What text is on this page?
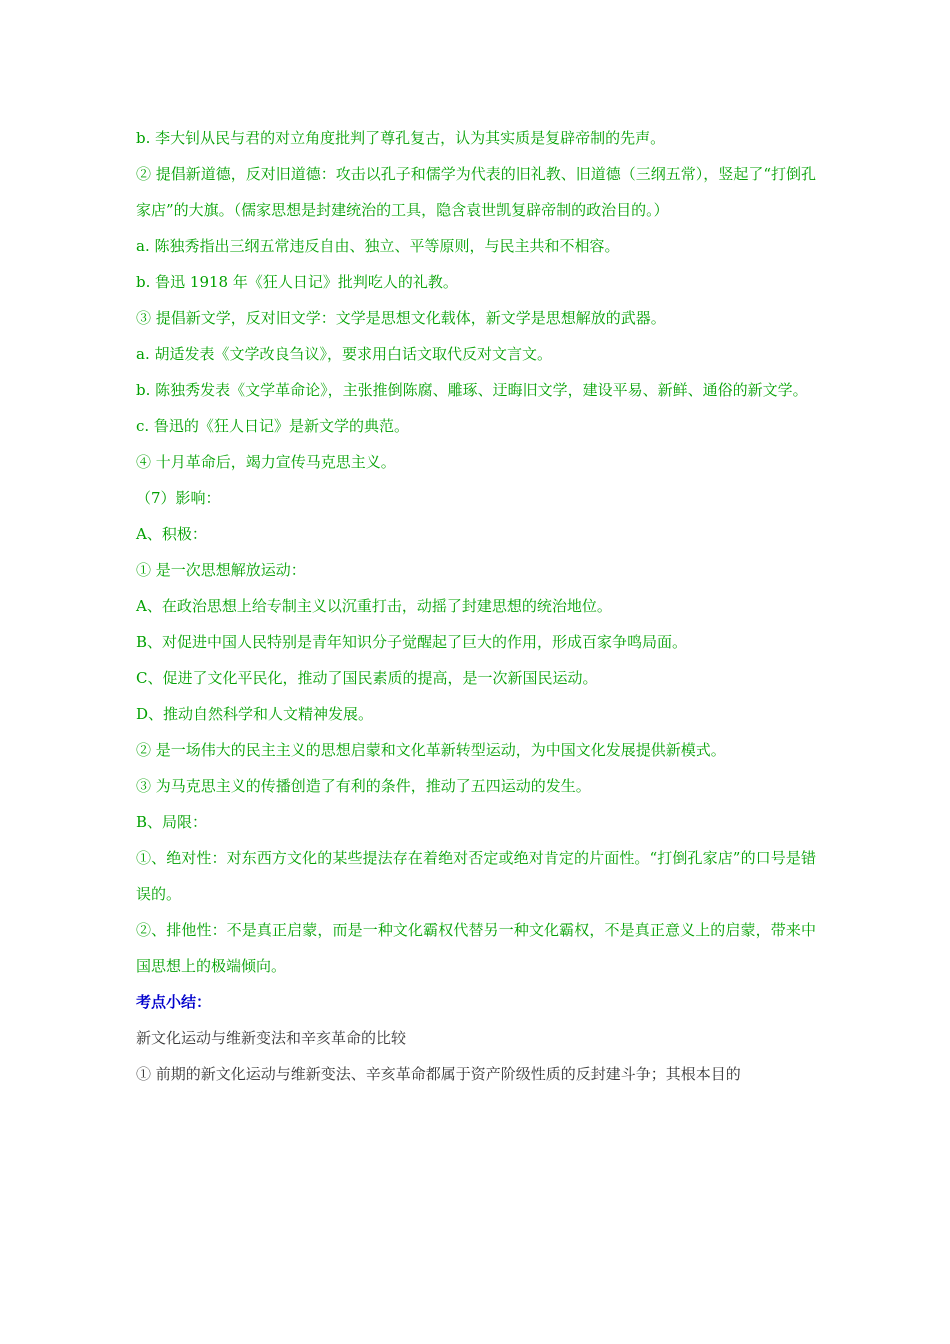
b. 李大钊从民与君的对立角度批判了尊孔复古，认为其实质是复辟帝制的先声。
② 提倡新道德，反对旧道德：攻击以孔子和儒学为代表的旧礼教、旧道德（三纲五常），竖起了“打倒孔家店”的大旗。（儒家思想是封建统治的工具，隐含袁世凯复辟帝制的政治目的。）
a. 陈独秀指出三纲五常违反自由、独立、平等原则，与民主共和不相容。
b. 鲁迅 1918 年《狂人日记》批判吃人的礼教。
③ 提倡新文学，反对旧文学：文学是思想文化载体，新文学是思想解放的武器。
a. 胡适发表《文学改良刍议》，要求用白话文取代反对文言文。
b. 陈独秀发表《文学革命论》，主张推倒陈腐、雕琢、迂晦旧文学，建设平易、新鲜、通俗的新文学。
c. 鲁迅的《狂人日记》是新文学的典范。
④ 十月革命后，竭力宣传马克思主义。
（7）影响：
A、积极：
① 是一次思想解放运动：
A、在政治思想上给专制主义以沉重打击，动摇了封建思想的统治地位。
B、对促进中国人民特别是青年知识分子觉醒起了巨大的作用，形成百家争鸣局面。
C、促进了文化平民化，推动了国民素质的提高，是一次新国民运动。
D、推动自然科学和人文精神发展。
② 是一场伟大的民主主义的思想启蒙和文化革新转型运动，为中国文化发展提供新模式。
③ 为马克思主义的传播创造了有利的条件，推动了五四运动的发生。
B、局限：
①、绝对性：对东西方文化的某些提法存在着绝对否定或绝对肯定的片面性。“打倒孔家店”的口号是错误的。
②、排他性：不是真正启蒙，而是一种文化霸权代替另一种文化霸权，不是真正意义上的启蒙，带来中国思想上的极端倾向。
考点小结：
新文化运动与维新变法和辛亥革命的比较
① 前期的新文化运动与维新变法、辛亥革命都属于资产阶级性质的反封建斗争；其根本目的
